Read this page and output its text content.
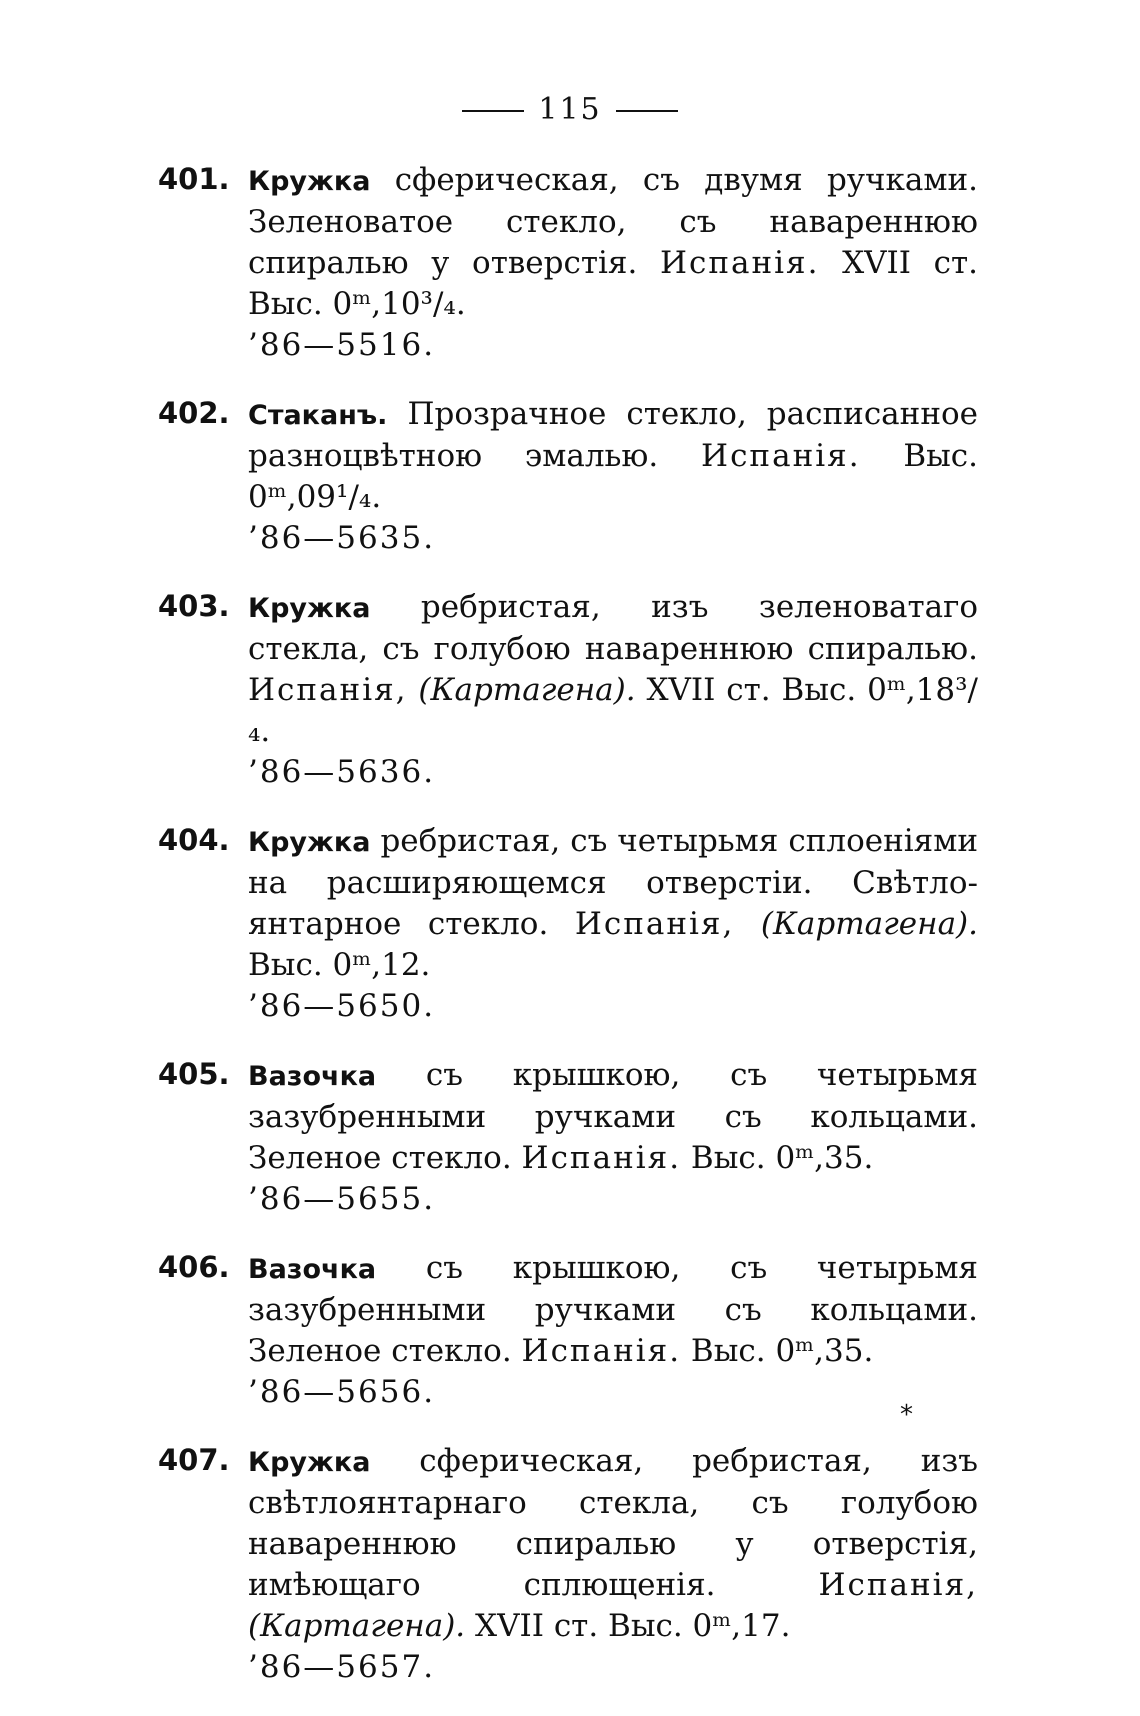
115
401. Кружка сферическая, съ двумя ручками. Зеленоватое стекло, съ навареннюю спиралью у отверстія. Испанія. XVII ст. Выс. 0ᵐ,10³/₄.
’86—5516.
402. Стаканъ. Прозрачное стекло, расписанное разноцвѣтною эмалью. Испанія. Выс. 0ᵐ,09¹/₄.
’86—5635.
403. Кружка ребристая, изъ зеленоватаго стекла, съ голубою навареннюю спиралью. Испанія, (Картагена). XVII ст. Выс. 0ᵐ,18³/₄.
’86—5636.
404. Кружка ребристая, съ четырьмя сплоеніями на расширяющемся отверстіи. Свѣтло-янтарное стекло. Испанія, (Картагена). Выс. 0ᵐ,12.
’86—5650.
405. Вазочка съ крышкою, съ четырьмя зазубренными ручками съ кольцами. Зеленое стекло. Испанія. Выс. 0ᵐ,35.
’86—5655.
406. Вазочка съ крышкою, съ четырьмя зазубренными ручками съ кольцами. Зеленое стекло. Испанія. Выс. 0ᵐ,35.
’86—5656.
407. Кружка сферическая, ребристая, изъ свѣтлоянтарнаго стекла, съ голубою навареннюю спиралью у отверстія, имѣющаго сплющенія.	Испанія, (Картагена). XVII ст. Выс. 0ᵐ,17.
’86—5657.
*
